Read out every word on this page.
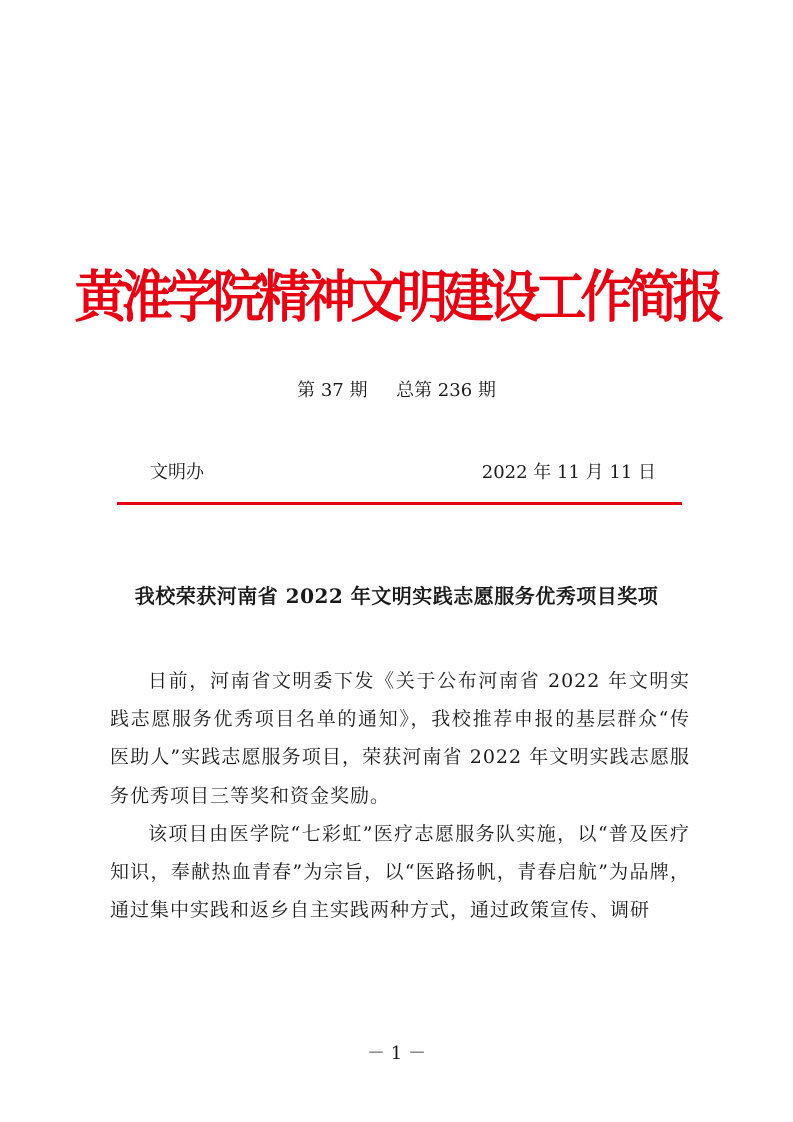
黄淮学院精神文明建设工作简报
第 37 期     总第 236 期
文明办	2022 年 11 月 11 日
我校荣获河南省 2022 年文明实践志愿服务优秀项目奖项

日前，河南省文明委下发《关于公布河南省 2022 年文明实践志愿服务优秀项目名单的通知》，我校推荐申报的基层群众“传医助人”实践志愿服务项目，荣获河南省 2022 年文明实践志愿服务优秀项目三等奖和资金奖励。

该项目由医学院“七彩虹”医疗志愿服务队实施，以“普及医疗知识，奉献热血青春”为宗旨，以“医路扬帆，青春启航”为品牌，通过集中实践和返乡自主实践两种方式，通过政策宣传、调研

－ 1 －
